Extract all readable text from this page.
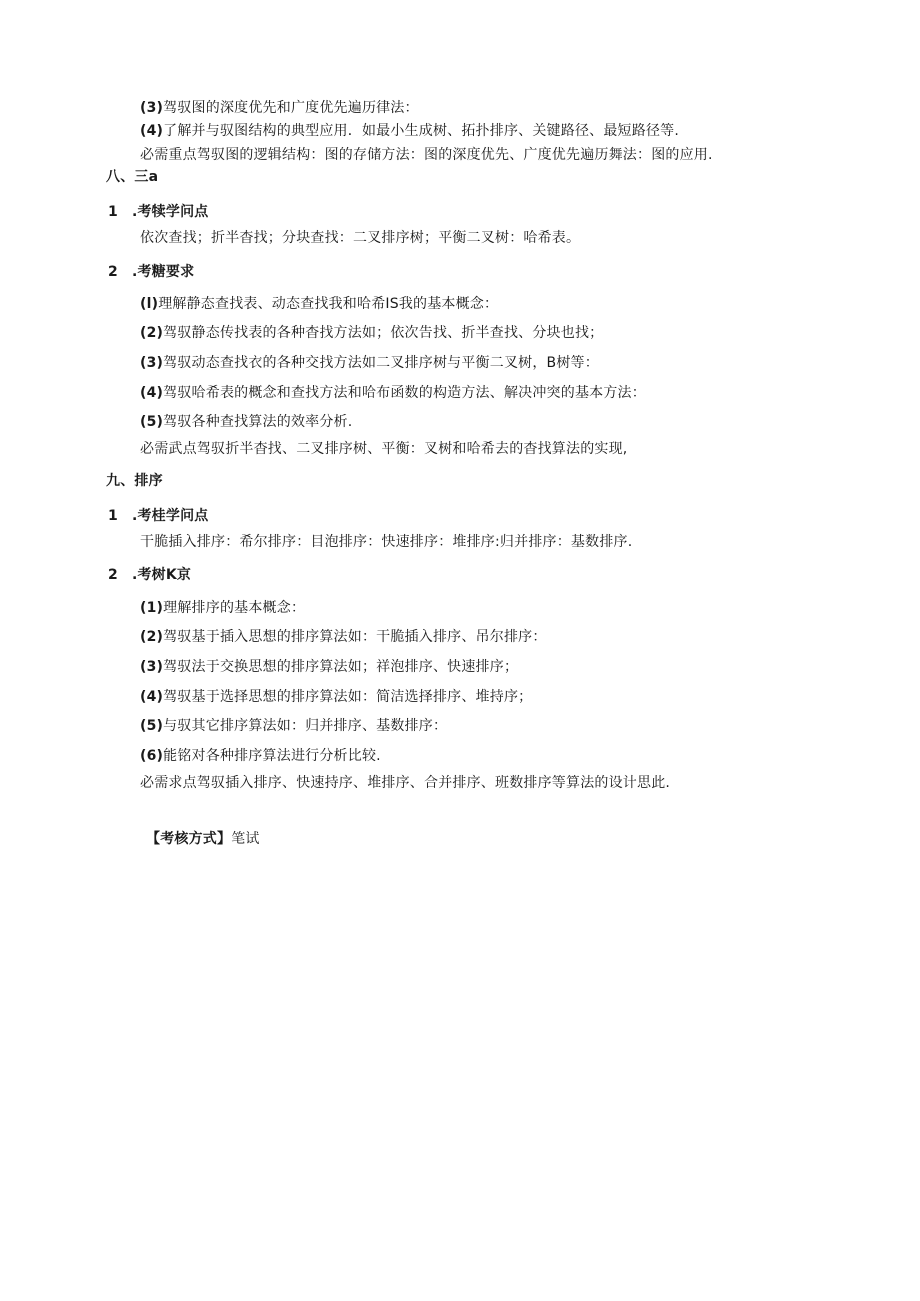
(3)驾驭图的深度优先和广度优先遍历律法：
(4)了解并与驭图结构的典型应用．如最小生成树、拓扑排序、关键路径、最短路径等.
必需重点驾驭图的逻辑结构：图的存储方法：图的深度优先、广度优先遍历舞法：图的应用.
八、三a
1 .考犊学问点
依次查找；折半杳找；分块查找：二叉排序树；平衡二叉树：哈希表。
2 .考糖要求
(l)理解静态查找表、动态查找我和哈希IS我的基本概念：
(2)驾驭静态传找表的各种杳找方法如；依次告找、折半查找、分块也找；
(3)驾驭动态查找衣的各种交找方法如二叉排序树与平衡二叉树，B树等：
(4)驾驭哈希表的概念和查找方法和哈布函数的构造方法、解决冲突的基本方法：
(5)驾驭各种查找算法的效率分析.
必需武点驾驭折半杳找、二叉排序树、平衡：叉树和哈希去的杳找算法的实现,
九、排序
1 .考桂学问点
干脆插入排序：希尔排序：目泡排序：快速排序：堆排序:归并排序：基数排序.
2 .考树K京
(1)理解排序的基本概念：
(2)驾驭基于插入思想的排序算法如：干脆插入排序、吊尔排序：
(3)驾驭法于交换思想的排序算法如；祥泡排序、快速排序；
(4)驾驭基于选择思想的排序算法如：简洁选择排序、堆持序；
(5)与驭其它排序算法如：归并排序、基数排序：
(6)能铭对各种排序算法进行分析比较.
必需求点驾驭插入排序、快速持序、堆排序、合并排序、班数排序等算法的设计思此.
【考核方式】笔试
